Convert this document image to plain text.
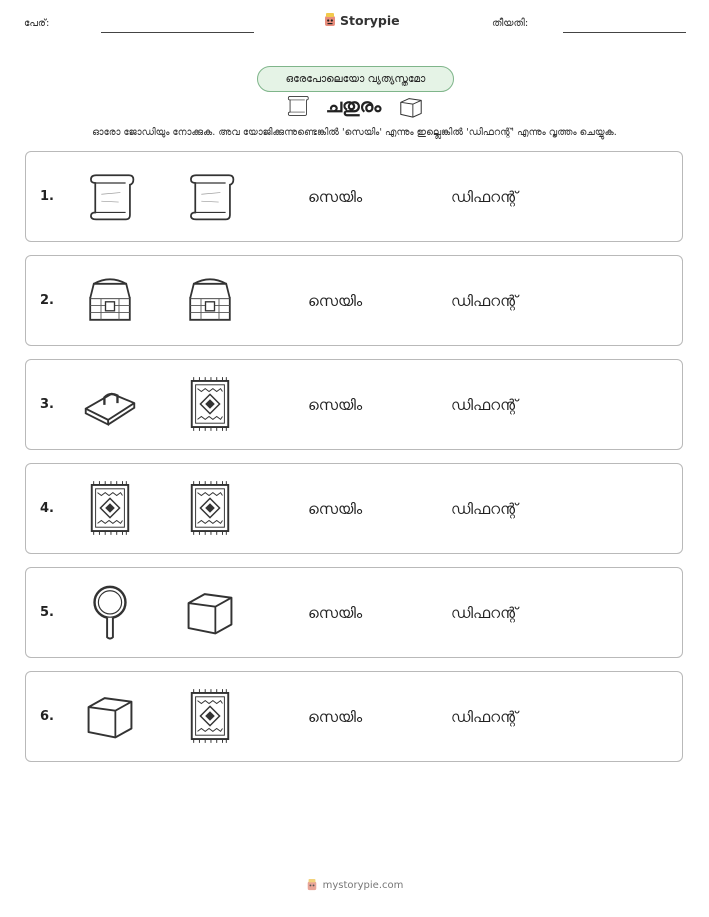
പേര്:	Storypie	തീയതി:
ഒരേപോലെയോ വ്യത്യസ്തമോ
ചതുരം
ഓരോ ജോഡിയും നോക്കുക. അവ യോജിക്കുന്നുണ്ടെങ്കിൽ 'സെയിം' എന്നും ഇല്ലെങ്കിൽ 'ഡിഫറന്റ്' എന്നും വൃത്തം ചെയ്യുക.
1.	സെയിം	ഡിഫറന്റ്
2.	സെയിം	ഡിഫറന്റ്
3.	സെയിം	ഡിഫറന്റ്
4.	സെയിം	ഡിഫറന്റ്
5.	സെയിം	ഡിഫറന്റ്
6.	സെയിം	ഡിഫറന്റ്
mystorypie.com
